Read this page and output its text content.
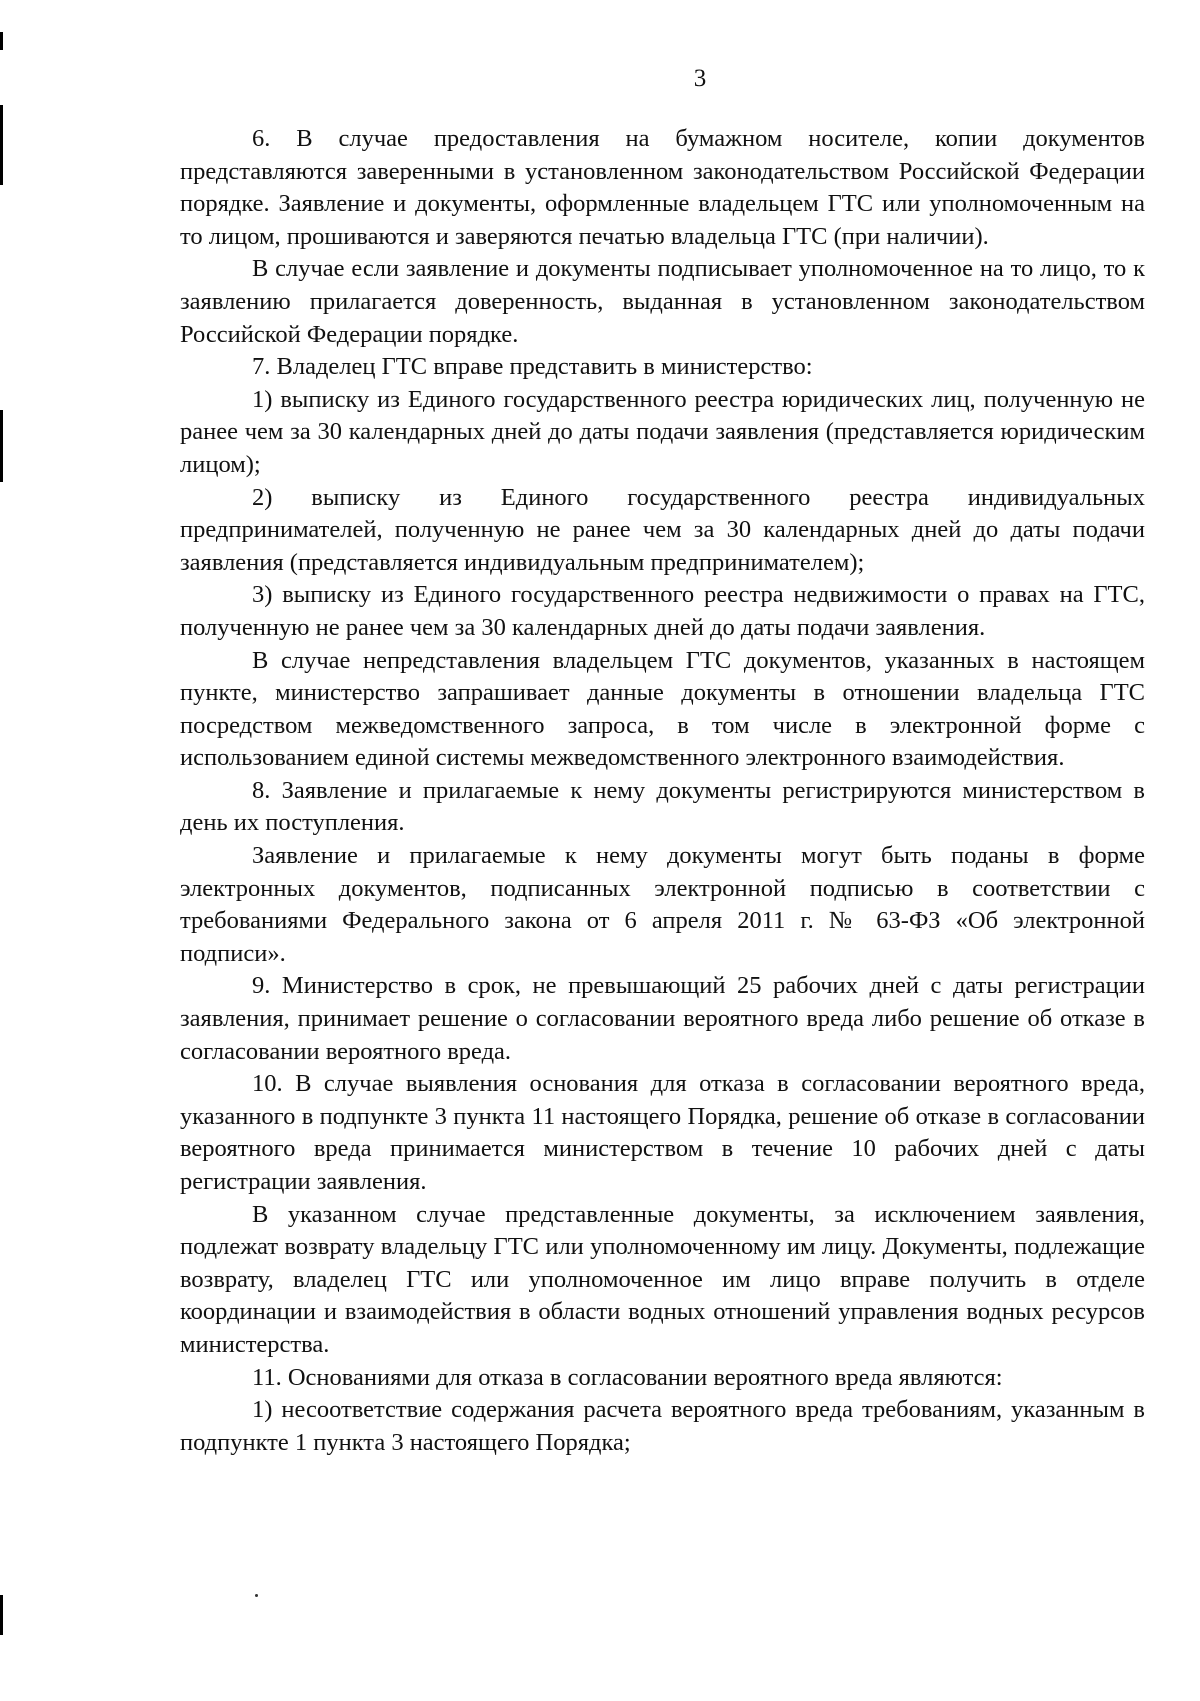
3

6. В случае предоставления на бумажном носителе, копии документов представляются заверенными в установленном законодательством Российской Федерации порядке. Заявление и документы, оформленные владельцем ГТС или уполномоченным на то лицом, прошиваются и заверяются печатью владельца ГТС (при наличии).

В случае если заявление и документы подписывает уполномоченное на то лицо, то к заявлению прилагается доверенность, выданная в установленном законодательством Российской Федерации порядке.

7. Владелец ГТС вправе представить в министерство:

1) выписку из Единого государственного реестра юридических лиц, полученную не ранее чем за 30 календарных дней до даты подачи заявления (представляется юридическим лицом);

2) выписку из Единого государственного реестра индивидуальных предпринимателей, полученную не ранее чем за 30 календарных дней до даты подачи заявления (представляется индивидуальным предпринимателем);

3) выписку из Единого государственного реестра недвижимости о правах на ГТС, полученную не ранее чем за 30 календарных дней до даты подачи заявления.

В случае непредставления владельцем ГТС документов, указанных в настоящем пункте, министерство запрашивает данные документы в отношении владельца ГТС посредством межведомственного запроса, в том числе в электронной форме с использованием единой системы межведомственного электронного взаимодействия.

8. Заявление и прилагаемые к нему документы регистрируются министерством в день их поступления.

Заявление и прилагаемые к нему документы могут быть поданы в форме электронных документов, подписанных электронной подписью в соответствии с требованиями Федерального закона от 6 апреля 2011 г. № 63-ФЗ «Об электронной подписи».

9. Министерство в срок, не превышающий 25 рабочих дней с даты регистрации заявления, принимает решение о согласовании вероятного вреда либо решение об отказе в согласовании вероятного вреда.

10. В случае выявления основания для отказа в согласовании вероятного вреда, указанного в подпункте 3 пункта 11 настоящего Порядка, решение об отказе в согласовании вероятного вреда принимается министерством в течение 10 рабочих дней с даты регистрации заявления.

В указанном случае представленные документы, за исключением заявления, подлежат возврату владельцу ГТС или уполномоченному им лицу. Документы, подлежащие возврату, владелец ГТС или уполномоченное им лицо вправе получить в отделе координации и взаимодействия в области водных отношений управления водных ресурсов министерства.

11. Основаниями для отказа в согласовании вероятного вреда являются:

1) несоответствие содержания расчета вероятного вреда требованиям, указанным в подпункте 1 пункта 3 настоящего Порядка;
